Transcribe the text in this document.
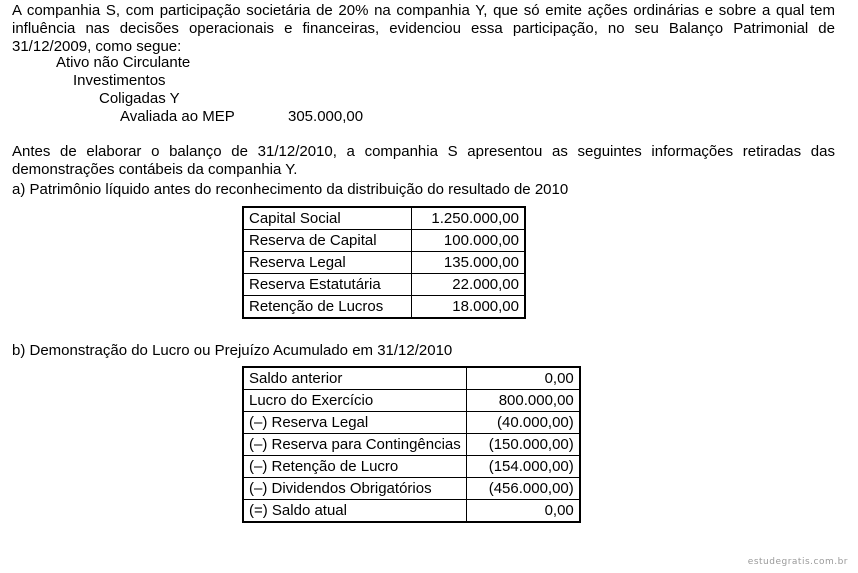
A companhia S, com participação societária de 20% na companhia Y, que só emite ações ordinárias e sobre a qual tem influência nas decisões operacionais e financeiras, evidenciou essa participação, no seu Balanço Patrimonial de 31/12/2009, como segue:

Ativo não Circulante
Investimentos
Coligadas Y
Avaliada ao MEP	305.000,00

Antes de elaborar o balanço de 31/12/2010, a companhia S apresentou as seguintes informações retiradas das demonstrações contábeis da companhia Y.

a) Patrimônio líquido antes do reconhecimento da distribuição do resultado de 2010
Capital Social	1.250.000,00
Reserva de Capital	100.000,00
Reserva Legal	135.000,00
Reserva Estatutária	22.000,00
Retenção de Lucros	18.000,00
b) Demonstração do Lucro ou Prejuízo Acumulado em 31/12/2010
Saldo anterior	0,00
Lucro do Exercício	800.000,00
(–) Reserva Legal	(40.000,00)
(–) Reserva para Contingências	(150.000,00)
(–) Retenção de Lucro	(154.000,00)
(–) Dividendos Obrigatórios	(456.000,00)
(=) Saldo atual	0,00
estudegratis.com.br
